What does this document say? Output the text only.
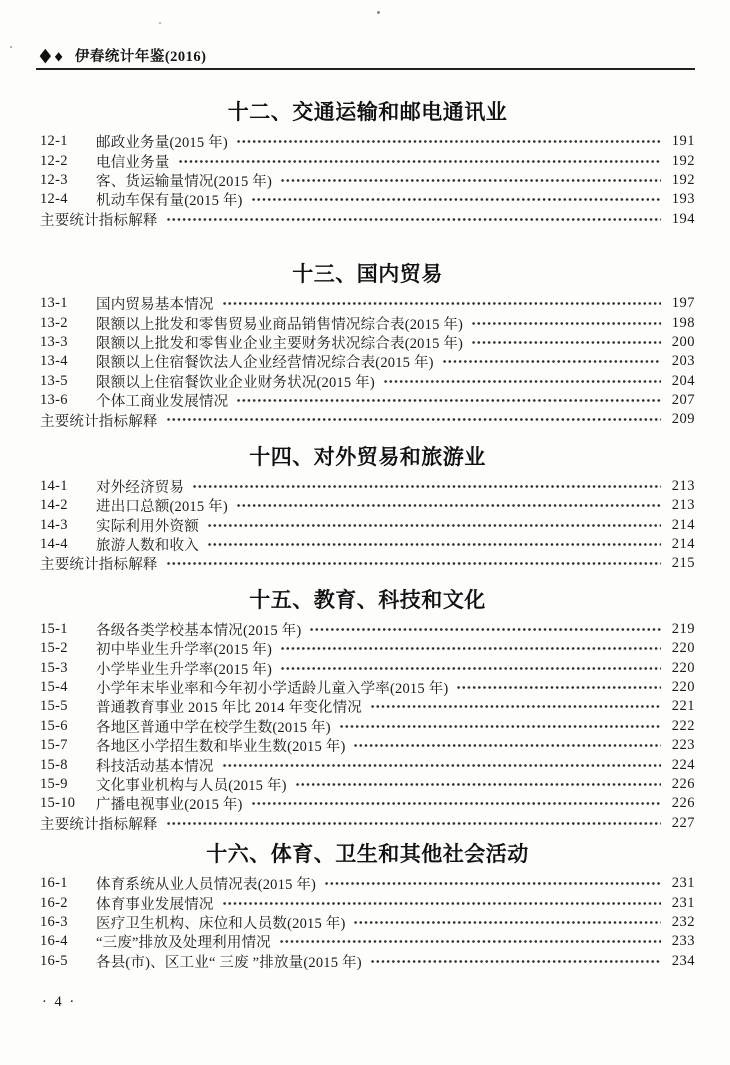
◆ ◆ 伊春统计年鉴(2016)
十二、交通运输和邮电通讯业
12-1	邮政业务量(2015 年)	191
12-2	电信业务量	192
12-3	客、货运输量情况(2015 年)	192
12-4	机动车保有量(2015 年)	193
主要统计指标解释	194
十三、国内贸易
13-1	国内贸易基本情况	197
13-2	限额以上批发和零售贸易业商品销售情况综合表(2015 年)	198
13-3	限额以上批发和零售业企业主要财务状况综合表(2015 年)	200
13-4	限额以上住宿餐饮法人企业经营情况综合表(2015 年)	203
13-5	限额以上住宿餐饮业企业财务状况(2015 年)	204
13-6	个体工商业发展情况	207
主要统计指标解释	209
十四、对外贸易和旅游业
14-1	对外经济贸易	213
14-2	进出口总额(2015 年)	213
14-3	实际利用外资额	214
14-4	旅游人数和收入	214
主要统计指标解释	215
十五、教育、科技和文化
15-1	各级各类学校基本情况(2015 年)	219
15-2	初中毕业生升学率(2015 年)	220
15-3	小学毕业生升学率(2015 年)	220
15-4	小学年末毕业率和今年初小学适龄儿童入学率(2015 年)	220
15-5	普通教育事业 2015 年比 2014 年变化情况	221
15-6	各地区普通中学在校学生数(2015 年)	222
15-7	各地区小学招生数和毕业生数(2015 年)	223
15-8	科技活动基本情况	224
15-9	文化事业机构与人员(2015 年)	226
15-10	广播电视事业(2015 年)	226
主要统计指标解释	227
十六、体育、卫生和其他社会活动
16-1	体育系统从业人员情况表(2015 年)	231
16-2	体育事业发展情况	231
16-3	医疗卫生机构、床位和人员数(2015 年)	232
16-4	“三废”排放及处理利用情况	233
16-5	各县(市)、区工业“ 三废 ”排放量(2015 年)	234
· 4 ·
